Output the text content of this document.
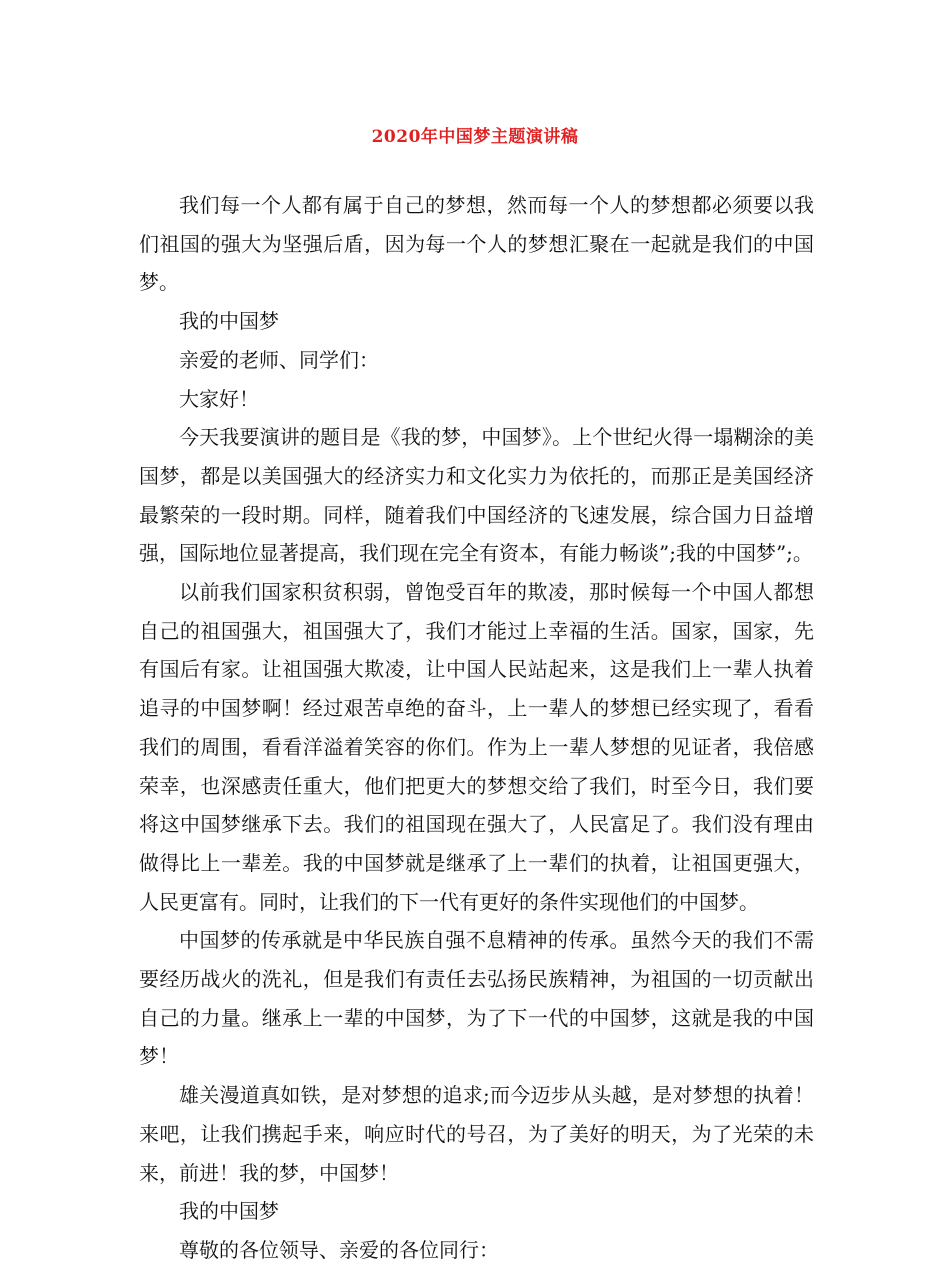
2020年中国梦主题演讲稿

我们每一个人都有属于自己的梦想，然而每一个人的梦想都必须要以我们祖国的强大为坚强后盾，因为每一个人的梦想汇聚在一起就是我们的中国梦。

我的中国梦

亲爱的老师、同学们：

大家好！

今天我要演讲的题目是《我的梦，中国梦》。上个世纪火得一塌糊涂的美国梦，都是以美国强大的经济实力和文化实力为依托的，而那正是美国经济最繁荣的一段时期。同样，随着我们中国经济的飞速发展，综合国力日益增强，国际地位显著提高，我们现在完全有资本，有能力畅谈”;我的中国梦”;。

以前我们国家积贫积弱，曾饱受百年的欺凌，那时候每一个中国人都想自己的祖国强大，祖国强大了，我们才能过上幸福的生活。国家，国家，先有国后有家。让祖国强大欺凌，让中国人民站起来，这是我们上一辈人执着追寻的中国梦啊！经过艰苦卓绝的奋斗，上一辈人的梦想已经实现了，看看我们的周围，看看洋溢着笑容的你们。作为上一辈人梦想的见证者，我倍感荣幸，也深感责任重大，他们把更大的梦想交给了我们，时至今日，我们要将这中国梦继承下去。我们的祖国现在强大了，人民富足了。我们没有理由做得比上一辈差。我的中国梦就是继承了上一辈们的执着，让祖国更强大，人民更富有。同时，让我们的下一代有更好的条件实现他们的中国梦。

中国梦的传承就是中华民族自强不息精神的传承。虽然今天的我们不需要经历战火的洗礼，但是我们有责任去弘扬民族精神，为祖国的一切贡献出自己的力量。继承上一辈的中国梦，为了下一代的中国梦，这就是我的中国梦！

雄关漫道真如铁，是对梦想的追求;而今迈步从头越，是对梦想的执着！来吧，让我们携起手来，响应时代的号召，为了美好的明天，为了光荣的未来，前进！我的梦，中国梦！

我的中国梦

尊敬的各位领导、亲爱的各位同行：
